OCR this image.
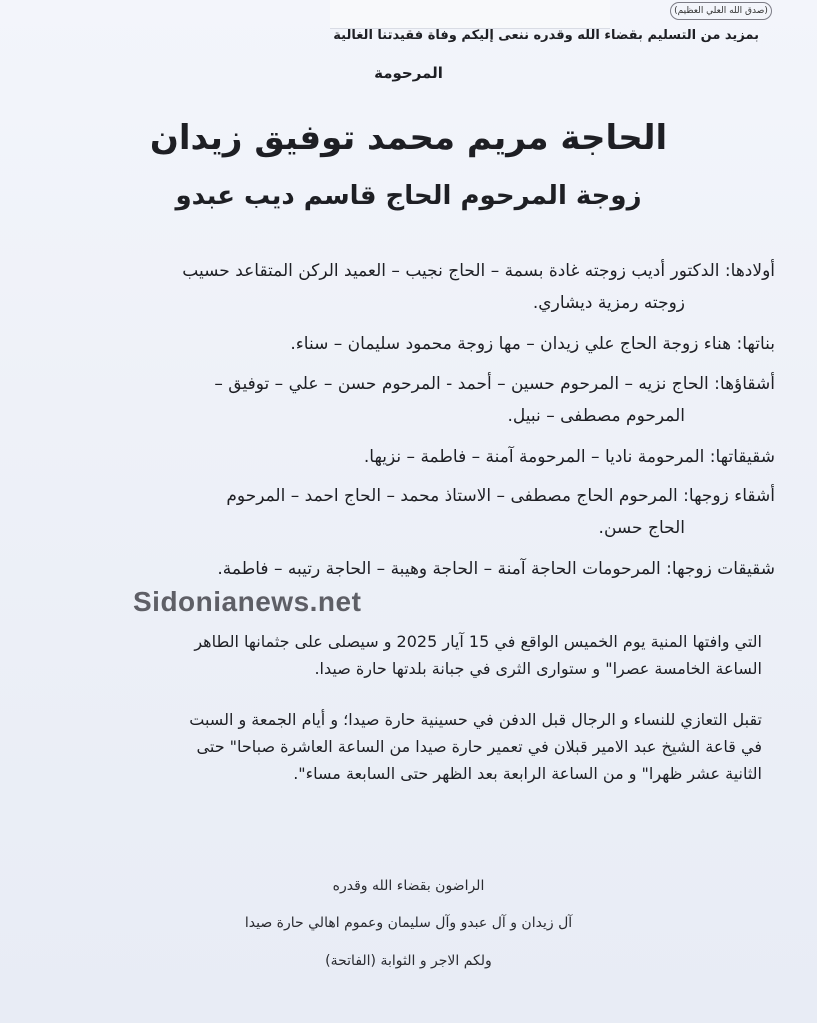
(صدق الله العلي العظيم)
بمزيد من التسليم بقضاء الله وقدره ننعى إليكم وفاة فقيدتنا الغالية
المرحومة
الحاجة مريم محمد توفيق زيدان
زوجة المرحوم الحاج قاسم ديب عبدو
أولادها: الدكتور أديب زوجته غادة بسمة – الحاج نجيب – العميد الركن المتقاعد حسيب
زوجته رمزية ديشاري.
بناتها: هناء زوجة الحاج علي زيدان – مها زوجة محمود سليمان – سناء.
أشقاؤها: الحاج نزيه – المرحوم حسين – أحمد - المرحوم حسن – علي – توفيق –
المرحوم مصطفى – نبيل.
شقيقاتها: المرحومة ناديا – المرحومة آمنة – فاطمة – نزيها.
أشقاء زوجها: المرحوم الحاج مصطفى – الاستاذ محمد – الحاج احمد – المرحوم
الحاج حسن.
شقيقات زوجها: المرحومات الحاجة آمنة – الحاجة وهيبة – الحاجة رتيبه – فاطمة.
Sidonianews.net
التي وافتها المنية يوم الخميس الواقع في 15 آيار 2025 و سيصلى على جثمانها الطاهر
الساعة الخامسة عصرا" و ستوارى الثرى في جبانة بلدتها حارة صيدا.
تقبل التعازي للنساء و الرجال قبل الدفن في حسينية حارة صيدا؛ و أيام الجمعة و السبت
في قاعة الشيخ عبد الامير قبلان في تعمير حارة صيدا من الساعة العاشرة صباحا" حتى
الثانية عشر ظهرا" و من الساعة الرابعة بعد الظهر حتى السابعة مساء".
الراضون بقضاء الله وقدره
آل زيدان و آل عبدو وآل سليمان وعموم اهالي حارة صيدا
ولكم الاجر و الثوابة (الفاتحة)
